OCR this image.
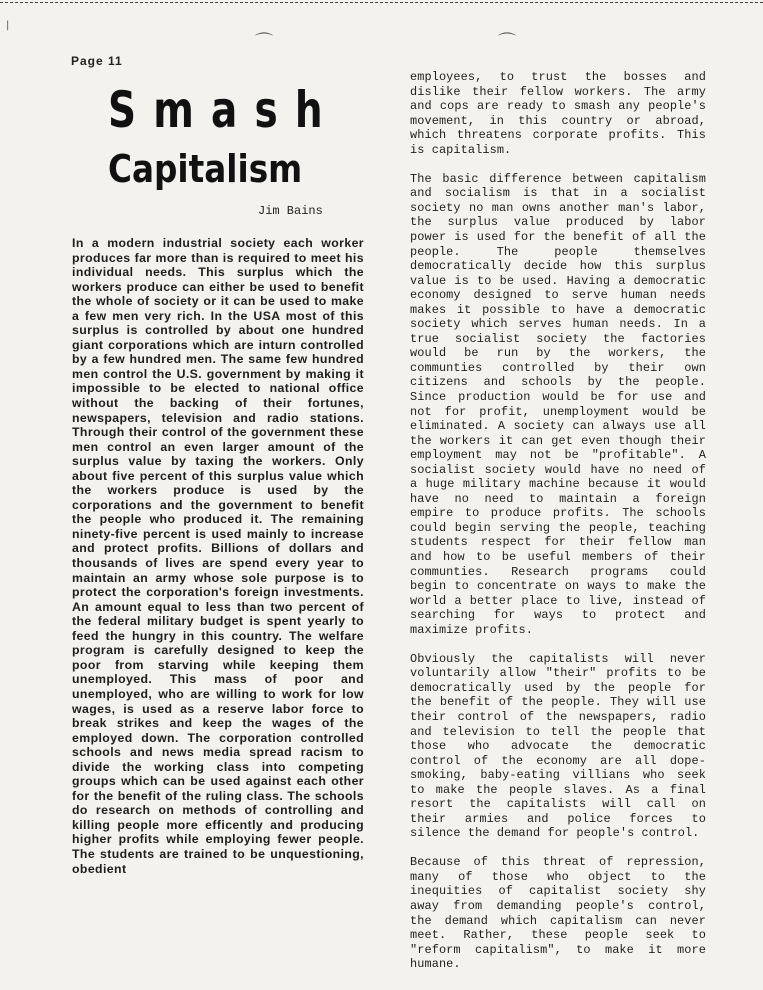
|
⌒	⌒
Page 11
Smash
Capitalism
Jim Bains

In a modern industrial society each worker produces far more than is required to meet his individual needs. This surplus which the workers produce can either be used to benefit the whole of society or it can be used to make a few men very rich. In the USA most of this surplus is controlled by about one hundred giant corporations which are inturn controlled by a few hundred men. The same few hundred men control the U.S. government by making it impossible to be elected to national office without the backing of their fortunes, newspapers, television and radio stations. Through their control of the government these men control an even larger amount of the surplus value by taxing the workers. Only about five percent of this surplus value which the workers produce is used by the corporations and the government to benefit the people who produced it. The remaining ninety-five percent is used mainly to increase and protect profits. Billions of dollars and thousands of lives are spend every year to maintain an army whose sole purpose is to protect the corporation's foreign investments. An amount equal to less than two percent of the federal military budget is spent yearly to feed the hungry in this country. The welfare program is carefully designed to keep the poor from starving while keeping them unemployed. This mass of poor and unemployed, who are willing to work for low wages, is used as a reserve labor force to break strikes and keep the wages of the employed down. The corporation controlled schools and news media spread racism to divide the working class into competing groups which can be used against each other for the benefit of the ruling class. The schools do research on methods of controlling and killing people more efficently and producing higher profits while employing fewer people. The students are trained to be unquestioning, obedient

employees, to trust the bosses and dislike their fellow workers. The army and cops are ready to smash any people's movement, in this country or abroad, which threatens corporate profits. This is capitalism.

The basic difference between capitalism and socialism is that in a socialist society no man owns another man's labor, the surplus value produced by labor power is used for the benefit of all the people. The people themselves democratically decide how this surplus value is to be used. Having a democratic economy designed to serve human needs makes it possible to have a democratic society which serves human needs. In a true socialist society the factories would be run by the workers, the communties controlled by their own citizens and schools by the people. Since production would be for use and not for profit, unemployment would be eliminated. A society can always use all the workers it can get even though their employment may not be "profitable". A socialist society would have no need of a huge military machine because it would have no need to maintain a foreign empire to produce profits. The schools could begin serving the people, teaching students respect for their fellow man and how to be useful members of their communties. Research programs could begin to concentrate on ways to make the world a better place to live, instead of searching for ways to protect and maximize profits.

Obviously the capitalists will never voluntarily allow "their" profits to be democratically used by the people for the benefit of the people. They will use their control of the newspapers, radio and television to tell the people that those who advocate the democratic control of the economy are all dope-smoking, baby-eating villians who seek to make the people slaves. As a final resort the capitalists will call on their armies and police forces to silence the demand for people's control.

Because of this threat of repression, many of those who object to the inequities of capitalist society shy away from demanding people's control, the demand which capitalism can never meet. Rather, these people seek to "reform capitalism", to make it more humane.
